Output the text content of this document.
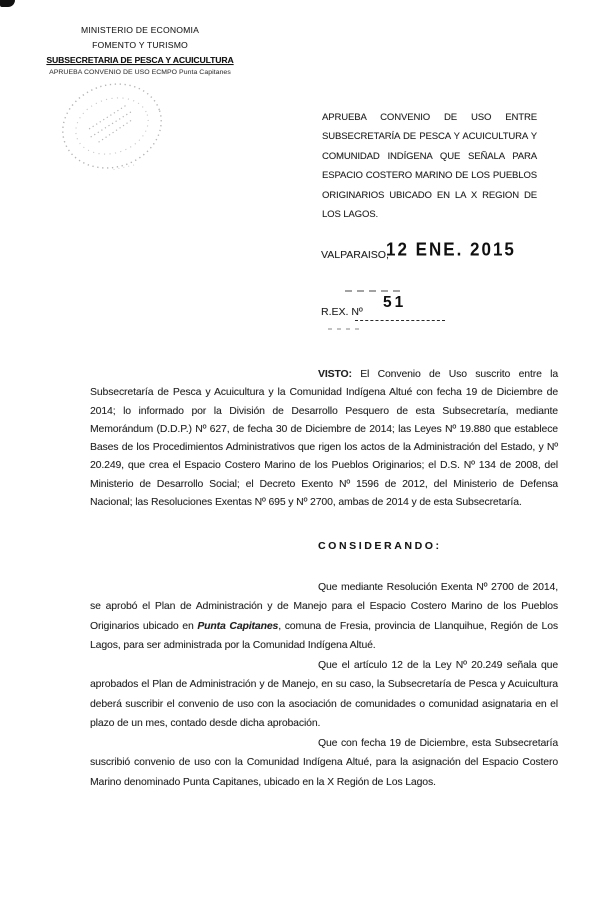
MINISTERIO DE ECONOMIA

FOMENTO Y TURISMO

SUBSECRETARIA DE PESCA Y ACUICULTURA

APRUEBA CONVENIO DE USO ECMPO Punta Capitanes

APRUEBA CONVENIO DE USO ENTRE SUBSECRETARÍA DE PESCA Y ACUICULTURA Y COMUNIDAD INDÍGENA QUE SEÑALA PARA ESPACIO COSTERO MARINO DE LOS PUEBLOS ORIGINARIOS UBICADO EN LA X REGION DE LOS LAGOS.
VALPARAISO,
12 ENE. 2015
R.EX. Nº
51

VISTO: El Convenio de Uso suscrito entre la Subsecretaría de Pesca y Acuicultura y la Comunidad Indígena Altué con fecha 19 de Diciembre de 2014; lo informado por la División de Desarrollo Pesquero de esta Subsecretaría, mediante Memorándum (D.D.P.) Nº 627, de fecha 30 de Diciembre de 2014; las Leyes Nº 19.880 que establece Bases de los Procedimientos Administrativos que rigen los actos de la Administración del Estado, y Nº 20.249, que crea el Espacio Costero Marino de los Pueblos Originarios; el D.S. Nº 134 de 2008, del Ministerio de Desarrollo Social; el Decreto Exento Nº 1596 de 2012, del Ministerio de Defensa Nacional; las Resoluciones Exentas Nº 695 y Nº 2700, ambas de 2014 y de esta Subsecretaría.

CONSIDERANDO:

Que mediante Resolución Exenta Nº 2700 de 2014, se aprobó el Plan de Administración y de Manejo para el Espacio Costero Marino de los Pueblos Originarios ubicado en Punta Capitanes, comuna de Fresia, provincia de Llanquihue, Región de Los Lagos, para ser administrada por la Comunidad Indígena Altué.

Que el artículo 12 de la Ley Nº 20.249 señala que aprobados el Plan de Administración y de Manejo, en su caso, la Subsecretaría de Pesca y Acuicultura deberá suscribir el convenio de uso con la asociación de comunidades o comunidad asignataria en el plazo de un mes, contado desde dicha aprobación.

Que con fecha 19 de Diciembre, esta Subsecretaría suscribió convenio de uso con la Comunidad Indígena Altué, para la asignación del Espacio Costero Marino denominado Punta Capitanes, ubicado en la X Región de Los Lagos.
